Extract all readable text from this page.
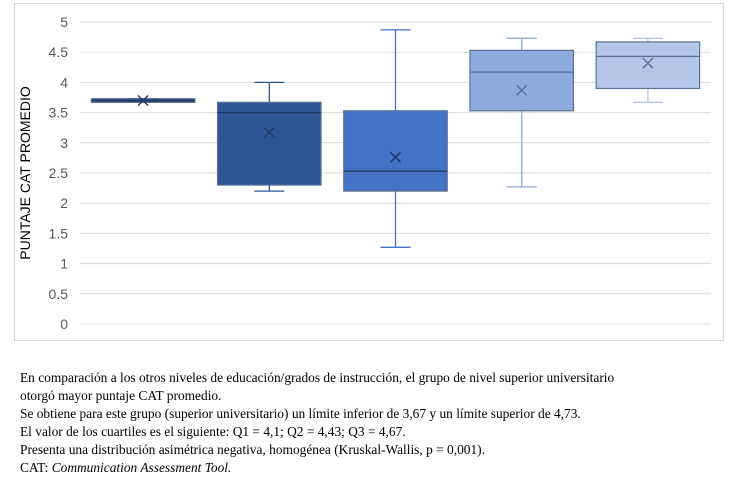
0
0.5
1
1.5
2
2.5
3
3.5
4
4.5
5
PUNTAJE CAT PROMEDIO

En comparación a los otros niveles de educación/grados de instrucción, el grupo de nivel superior universitario

otorgó mayor puntaje CAT promedio.

Se obtiene para este grupo (superior universitario) un límite inferior de 3,67 y un límite superior de 4,73.

El valor de los cuartiles es el siguiente: Q1 = 4,1; Q2 = 4,43; Q3 = 4,67.

Presenta una distribución asimétrica negativa, homogénea (Kruskal-Wallis, p = 0,001).

CAT: Communication Assessment Tool.
